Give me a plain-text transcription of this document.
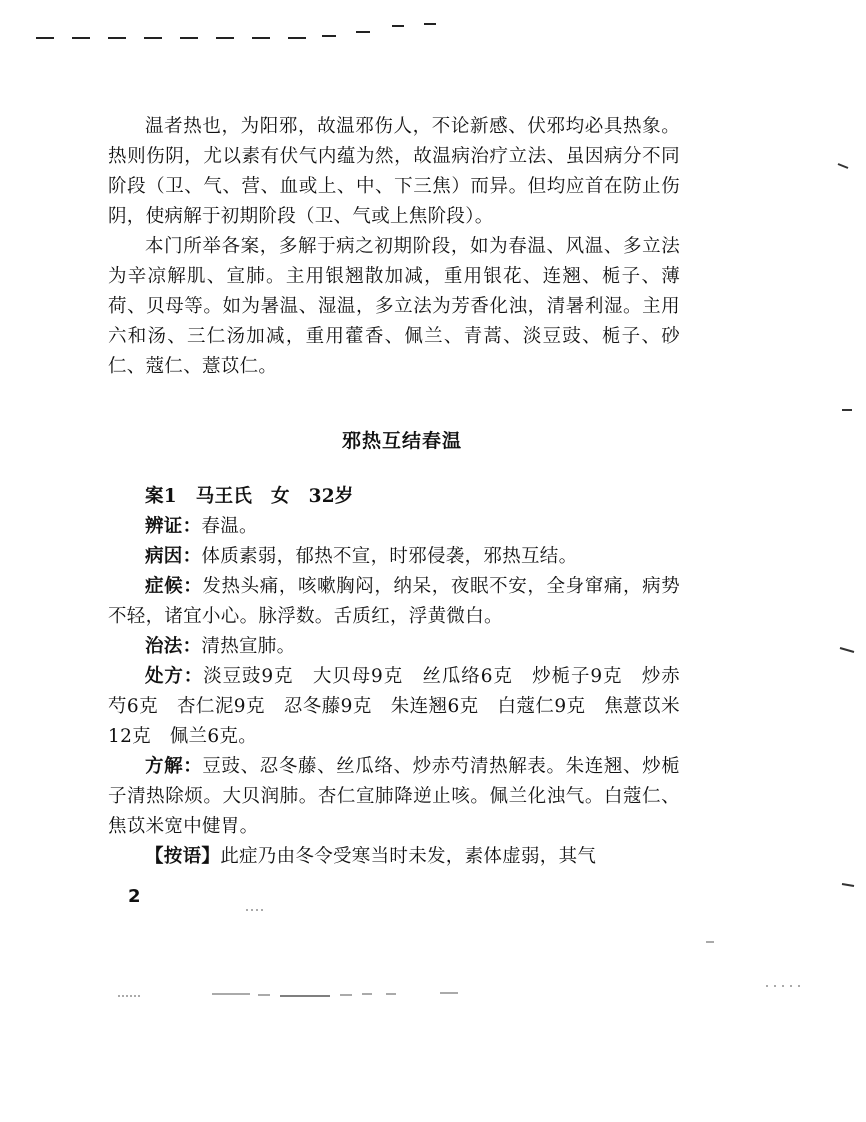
温者热也，为阳邪，故温邪伤人，不论新感、伏邪均必具热象。热则伤阴，尤以素有伏气内蕴为然，故温病治疗立法、虽因病分不同阶段（卫、气、营、血或上、中、下三焦）而异。但均应首在防止伤阴，使病解于初期阶段（卫、气或上焦阶段）。

本门所举各案，多解于病之初期阶段，如为春温、风温、多立法为辛凉解肌、宣肺。主用银翘散加减，重用银花、连翘、栀子、薄荷、贝母等。如为暑温、湿温，多立法为芳香化浊，清暑利湿。主用六和汤、三仁汤加减，重用藿香、佩兰、青蒿、淡豆豉、栀子、砂仁、蔻仁、薏苡仁。

邪热互结春温

案1　马王氏　女　32岁

辨证：春温。

病因：体质素弱，郁热不宣，时邪侵袭，邪热互结。

症候：发热头痛，咳嗽胸闷，纳呆，夜眠不安，全身窜痛，病势不轻，诸宜小心。脉浮数。舌质红，浮黄微白。

治法：清热宣肺。

处方：淡豆豉9克　大贝母9克　丝瓜络6克　炒栀子9克　炒赤芍6克　杏仁泥9克　忍冬藤9克　朱连翘6克　白蔻仁9克　焦薏苡米12克　佩兰6克。

方解：豆豉、忍冬藤、丝瓜络、炒赤芍清热解表。朱连翘、炒栀子清热除烦。大贝润肺。杏仁宣肺降逆止咳。佩兰化浊气。白蔻仁、焦苡米宽中健胃。

【按语】此症乃由冬令受寒当时未发，素体虚弱，其气

2
